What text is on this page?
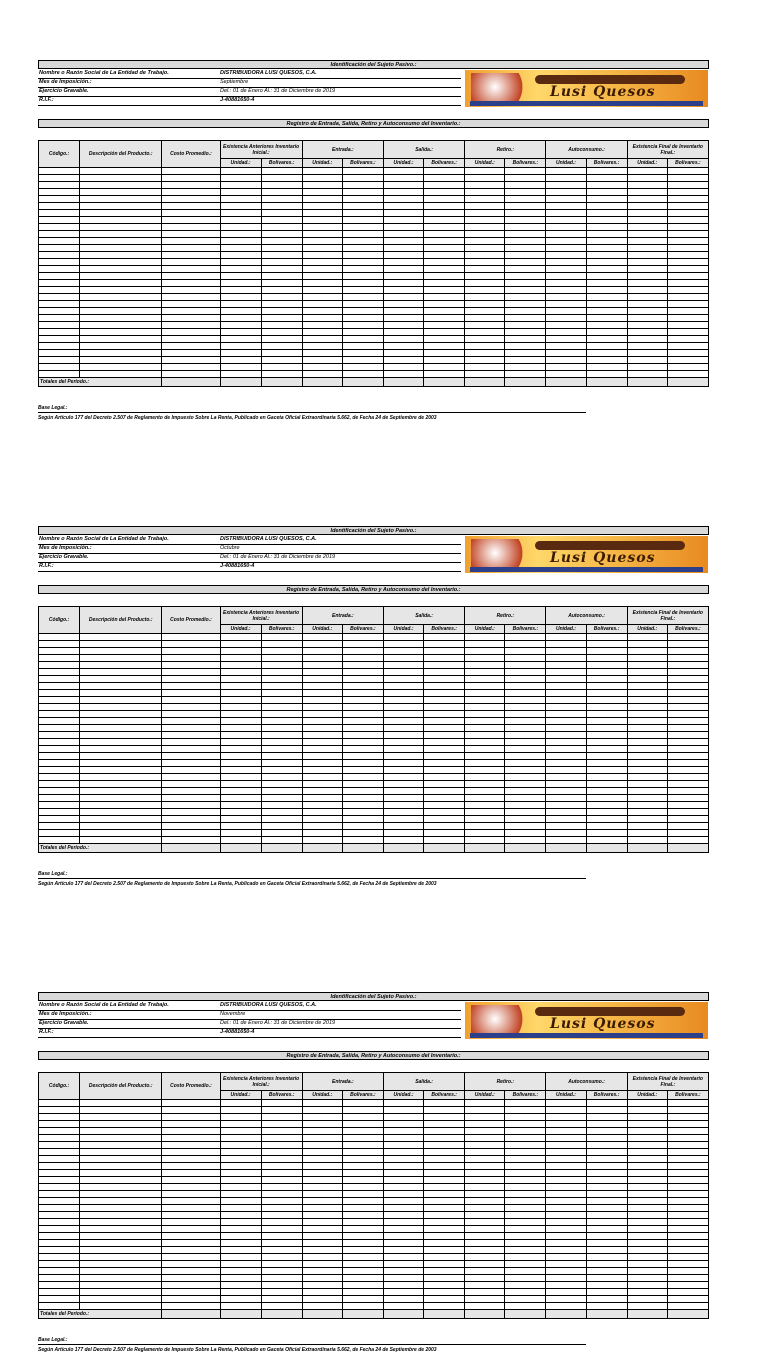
Identificación del Sujeto Pasivo.:
Nombre o Razón Social de La Entidad de Trabajo.	DISTRIBUIDORA LUSI QUESOS, C.A.
Mes de Imposición.:	Septiembre
Ejercicio Gravable.	Del.: 01 de Enero Al.: 31 de Diciembre de 2019
R.I.F.:	J-40881650-4	Lusi Quesos
Registro de Entrada, Salida, Retiro y Autoconsumo del Inventario.:
Código.:	Descripción del Producto.:	Costo Promedio.:	Existencia Anteriores Inventario Inicial.:		Entrada.:		Salida.:		Retiro.:		Autoconsumo.:		Existencia Final de Inventario Final.:	
			Unidad.:	Bolivares.:	Unidad.:	Bolivares.:	Unidad.:	Bolivares.:	Unidad.:	Bolivares.:	Unidad.:	Bolivares.:	Unidad.:	Bolivares.:

Totales del Periodo.:														
Base Legal.:
Según Artículo 177 del Decreto 2.507 de Reglamento de Impuesto Sobre La Renta, Publicado en Gaceta Oficial Extraordinaria 5.662, de Fecha 24 de Septiembre de 2003
Identificación del Sujeto Pasivo.:
Nombre o Razón Social de La Entidad de Trabajo.	DISTRIBUIDORA LUSI QUESOS, C.A.
Mes de Imposición.:	Octubre
Ejercicio Gravable.	Del.: 01 de Enero Al.: 31 de Diciembre de 2019
R.I.F.:	J-40881650-4	Lusi Quesos
Registro de Entrada, Salida, Retiro y Autoconsumo del Inventario.:
Código.:	Descripción del Producto.:	Costo Promedio.:	Existencia Anteriores Inventario Inicial.:		Entrada.:		Salida.:		Retiro.:		Autoconsumo.:		Existencia Final de Inventario Final.:	
			Unidad.:	Bolivares.:	Unidad.:	Bolivares.:	Unidad.:	Bolivares.:	Unidad.:	Bolivares.:	Unidad.:	Bolivares.:	Unidad.:	Bolivares.:

Totales del Periodo.:														
Base Legal.:
Según Artículo 177 del Decreto 2.507 de Reglamento de Impuesto Sobre La Renta, Publicado en Gaceta Oficial Extraordinaria 5.662, de Fecha 24 de Septiembre de 2003
Identificación del Sujeto Pasivo.:
Nombre o Razón Social de La Entidad de Trabajo.	DISTRIBUIDORA LUSI QUESOS, C.A.
Mes de Imposición.:	Novembre
Ejercicio Gravable.	Del.: 01 de Enero Al.: 31 de Diciembre de 2019
R.I.F.:	J-40881650-4	Lusi Quesos
Registro de Entrada, Salida, Retiro y Autoconsumo del Inventario.:
Código.:	Descripción del Producto.:	Costo Promedio.:	Existencia Anteriores Inventario Inicial.:		Entrada.:		Salida.:		Retiro.:		Autoconsumo.:		Existencia Final de Inventario Final.:	
			Unidad.:	Bolivares.:	Unidad.:	Bolivares.:	Unidad.:	Bolivares.:	Unidad.:	Bolivares.:	Unidad.:	Bolivares.:	Unidad.:	Bolivares.:

Totales del Periodo.:														
Base Legal.:
Según Artículo 177 del Decreto 2.507 de Reglamento de Impuesto Sobre La Renta, Publicado en Gaceta Oficial Extraordinaria 5.662, de Fecha 24 de Septiembre de 2003
